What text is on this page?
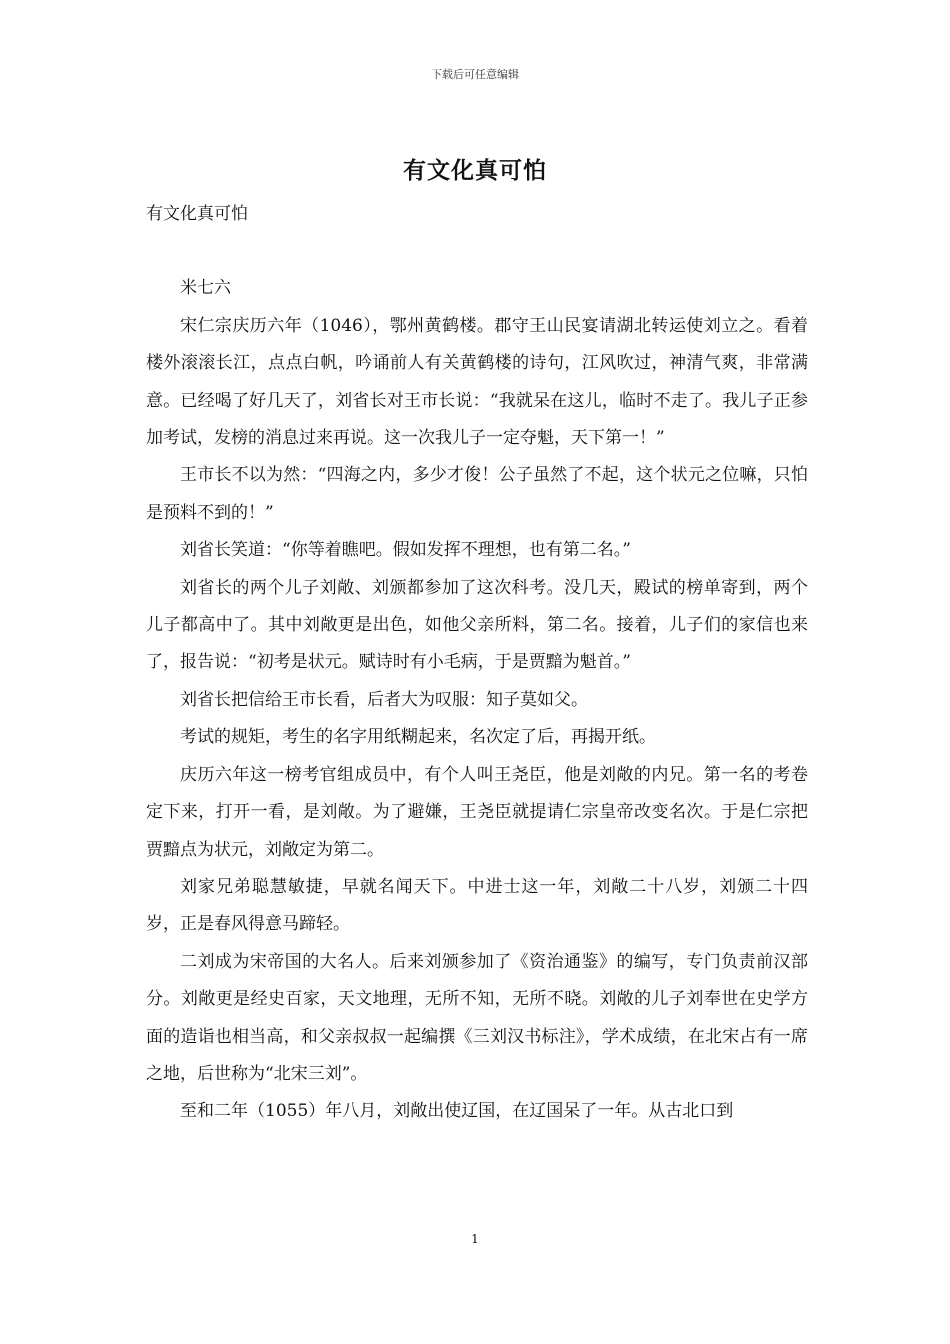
下载后可任意编辑
有文化真可怕

有文化真可怕

米七六

宋仁宗庆历六年（1046），鄂州黄鹤楼。郡守王山民宴请湖北转运使刘立之。看着楼外滚滚长江，点点白帆，吟诵前人有关黄鹤楼的诗句，江风吹过，神清气爽，非常满意。已经喝了好几天了，刘省长对王市长说：“我就呆在这儿，临时不走了。我儿子正参加考试，发榜的消息过来再说。这一次我儿子一定夺魁，天下第一！”

王市长不以为然：“四海之内，多少才俊！公子虽然了不起，这个状元之位嘛，只怕是预料不到的！”

刘省长笑道：“你等着瞧吧。假如发挥不理想，也有第二名。”

刘省长的两个儿子刘敞、刘颁都参加了这次科考。没几天，殿试的榜单寄到，两个儿子都高中了。其中刘敞更是出色，如他父亲所料，第二名。接着，儿子们的家信也来了，报告说：“初考是状元。赋诗时有小毛病，于是贾黯为魁首。”

刘省长把信给王市长看，后者大为叹服：知子莫如父。

考试的规矩，考生的名字用纸糊起来，名次定了后，再揭开纸。

庆历六年这一榜考官组成员中，有个人叫王尧臣，他是刘敞的内兄。第一名的考卷定下来，打开一看，是刘敞。为了避嫌，王尧臣就提请仁宗皇帝改变名次。于是仁宗把贾黯点为状元，刘敞定为第二。

刘家兄弟聪慧敏捷，早就名闻天下。中进士这一年，刘敞二十八岁，刘颁二十四岁，正是春风得意马蹄轻。

二刘成为宋帝国的大名人。后来刘颁参加了《资治通鉴》的编写，专门负责前汉部分。刘敞更是经史百家，天文地理，无所不知，无所不晓。刘敞的儿子刘奉世在史学方面的造诣也相当高，和父亲叔叔一起编撰《三刘汉书标注》，学术成绩，在北宋占有一席之地，后世称为“北宋三刘”。

至和二年（1055）年八月，刘敞出使辽国，在辽国呆了一年。从古北口到

1
